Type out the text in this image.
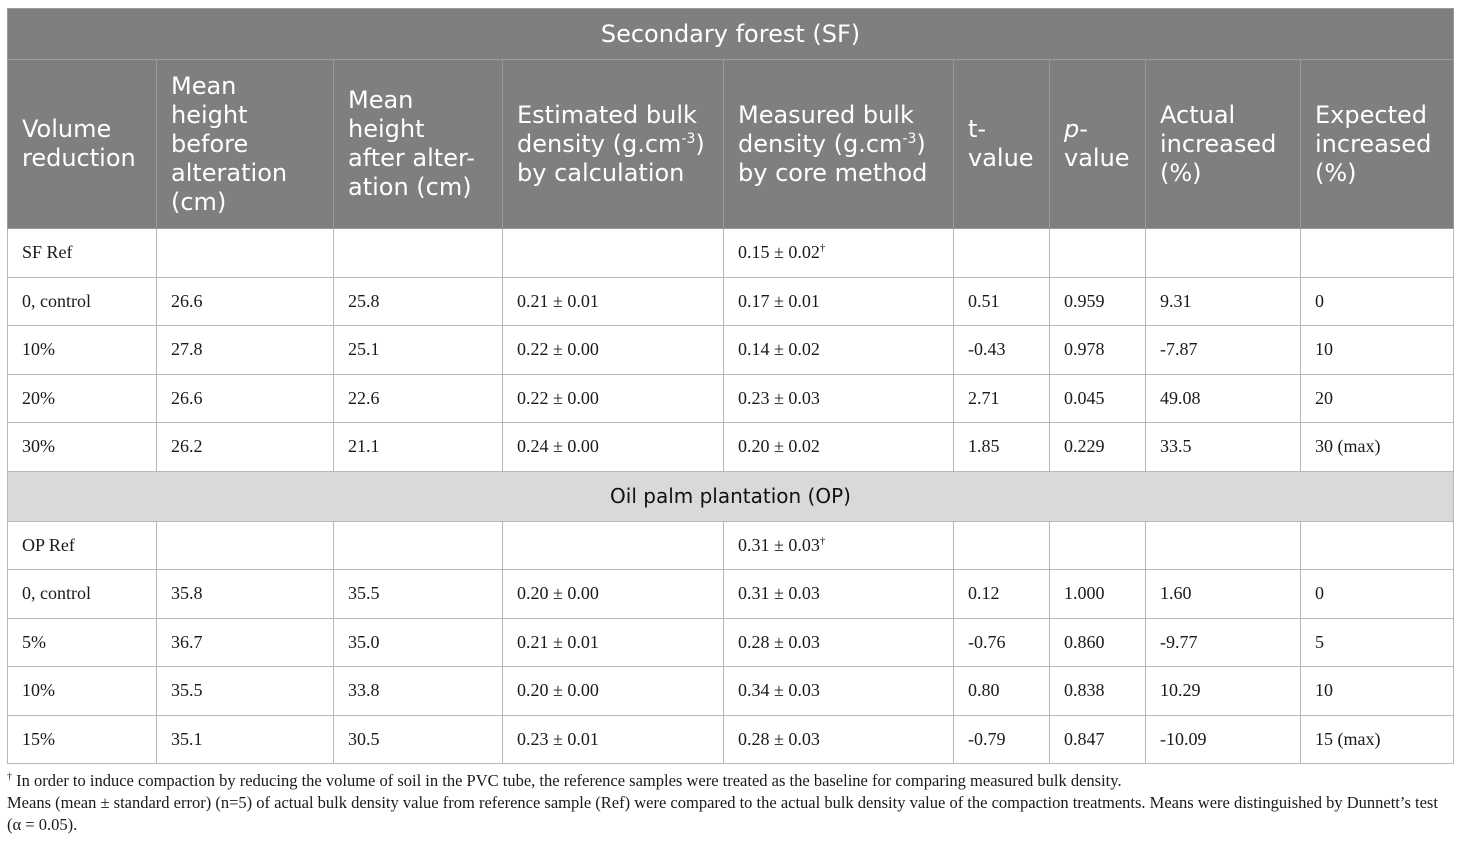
Secondary forest (SF)								
Volume reduction	Mean height before alteration (cm)	Mean height after alter-ation (cm)	Estimated bulk density $(g.cm^{-3})$ by calculation	Measured bulk density $(g.cm^{-3})$ by core method	t-value	p-value	Actual increased (%)	Expected increased (%)
SF Ref				0.15 ± 0.02†				
0, control	26.6	25.8	0.21 ± 0.01	0.17 ± 0.01	0.51	0.959	9.31	0
10%	27.8	25.1	0.22 ± 0.00	0.14 ± 0.02	-0.43	0.978	-7.87	10
20%	26.6	22.6	0.22 ± 0.00	0.23 ± 0.03	2.71	0.045	49.08	20
30%	26.2	21.1	0.24 ± 0.00	0.20 ± 0.02	1.85	0.229	33.5	30 (max)
Oil palm plantation (OP)								
OP Ref				0.31 ± 0.03†				
0, control	35.8	35.5	0.20 ± 0.00	0.31 ± 0.03	0.12	1.000	1.60	0
5%	36.7	35.0	0.21 ± 0.01	0.28 ± 0.03	-0.76	0.860	-9.77	5
10%	35.5	33.8	0.20 ± 0.00	0.34 ± 0.03	0.80	0.838	10.29	10
15%	35.1	30.5	0.23 ± 0.01	0.28 ± 0.03	-0.79	0.847	-10.09	15 (max)

† In order to induce compaction by reducing the volume of soil in the PVC tube, the reference samples were treated as the baseline for comparing measured bulk density.

Means (mean ± standard error) (n=5) of actual bulk density value from reference sample (Ref) were compared to the actual bulk density value of the compaction treatments. Means were distinguished by Dunnett’s test (α = 0.05).
